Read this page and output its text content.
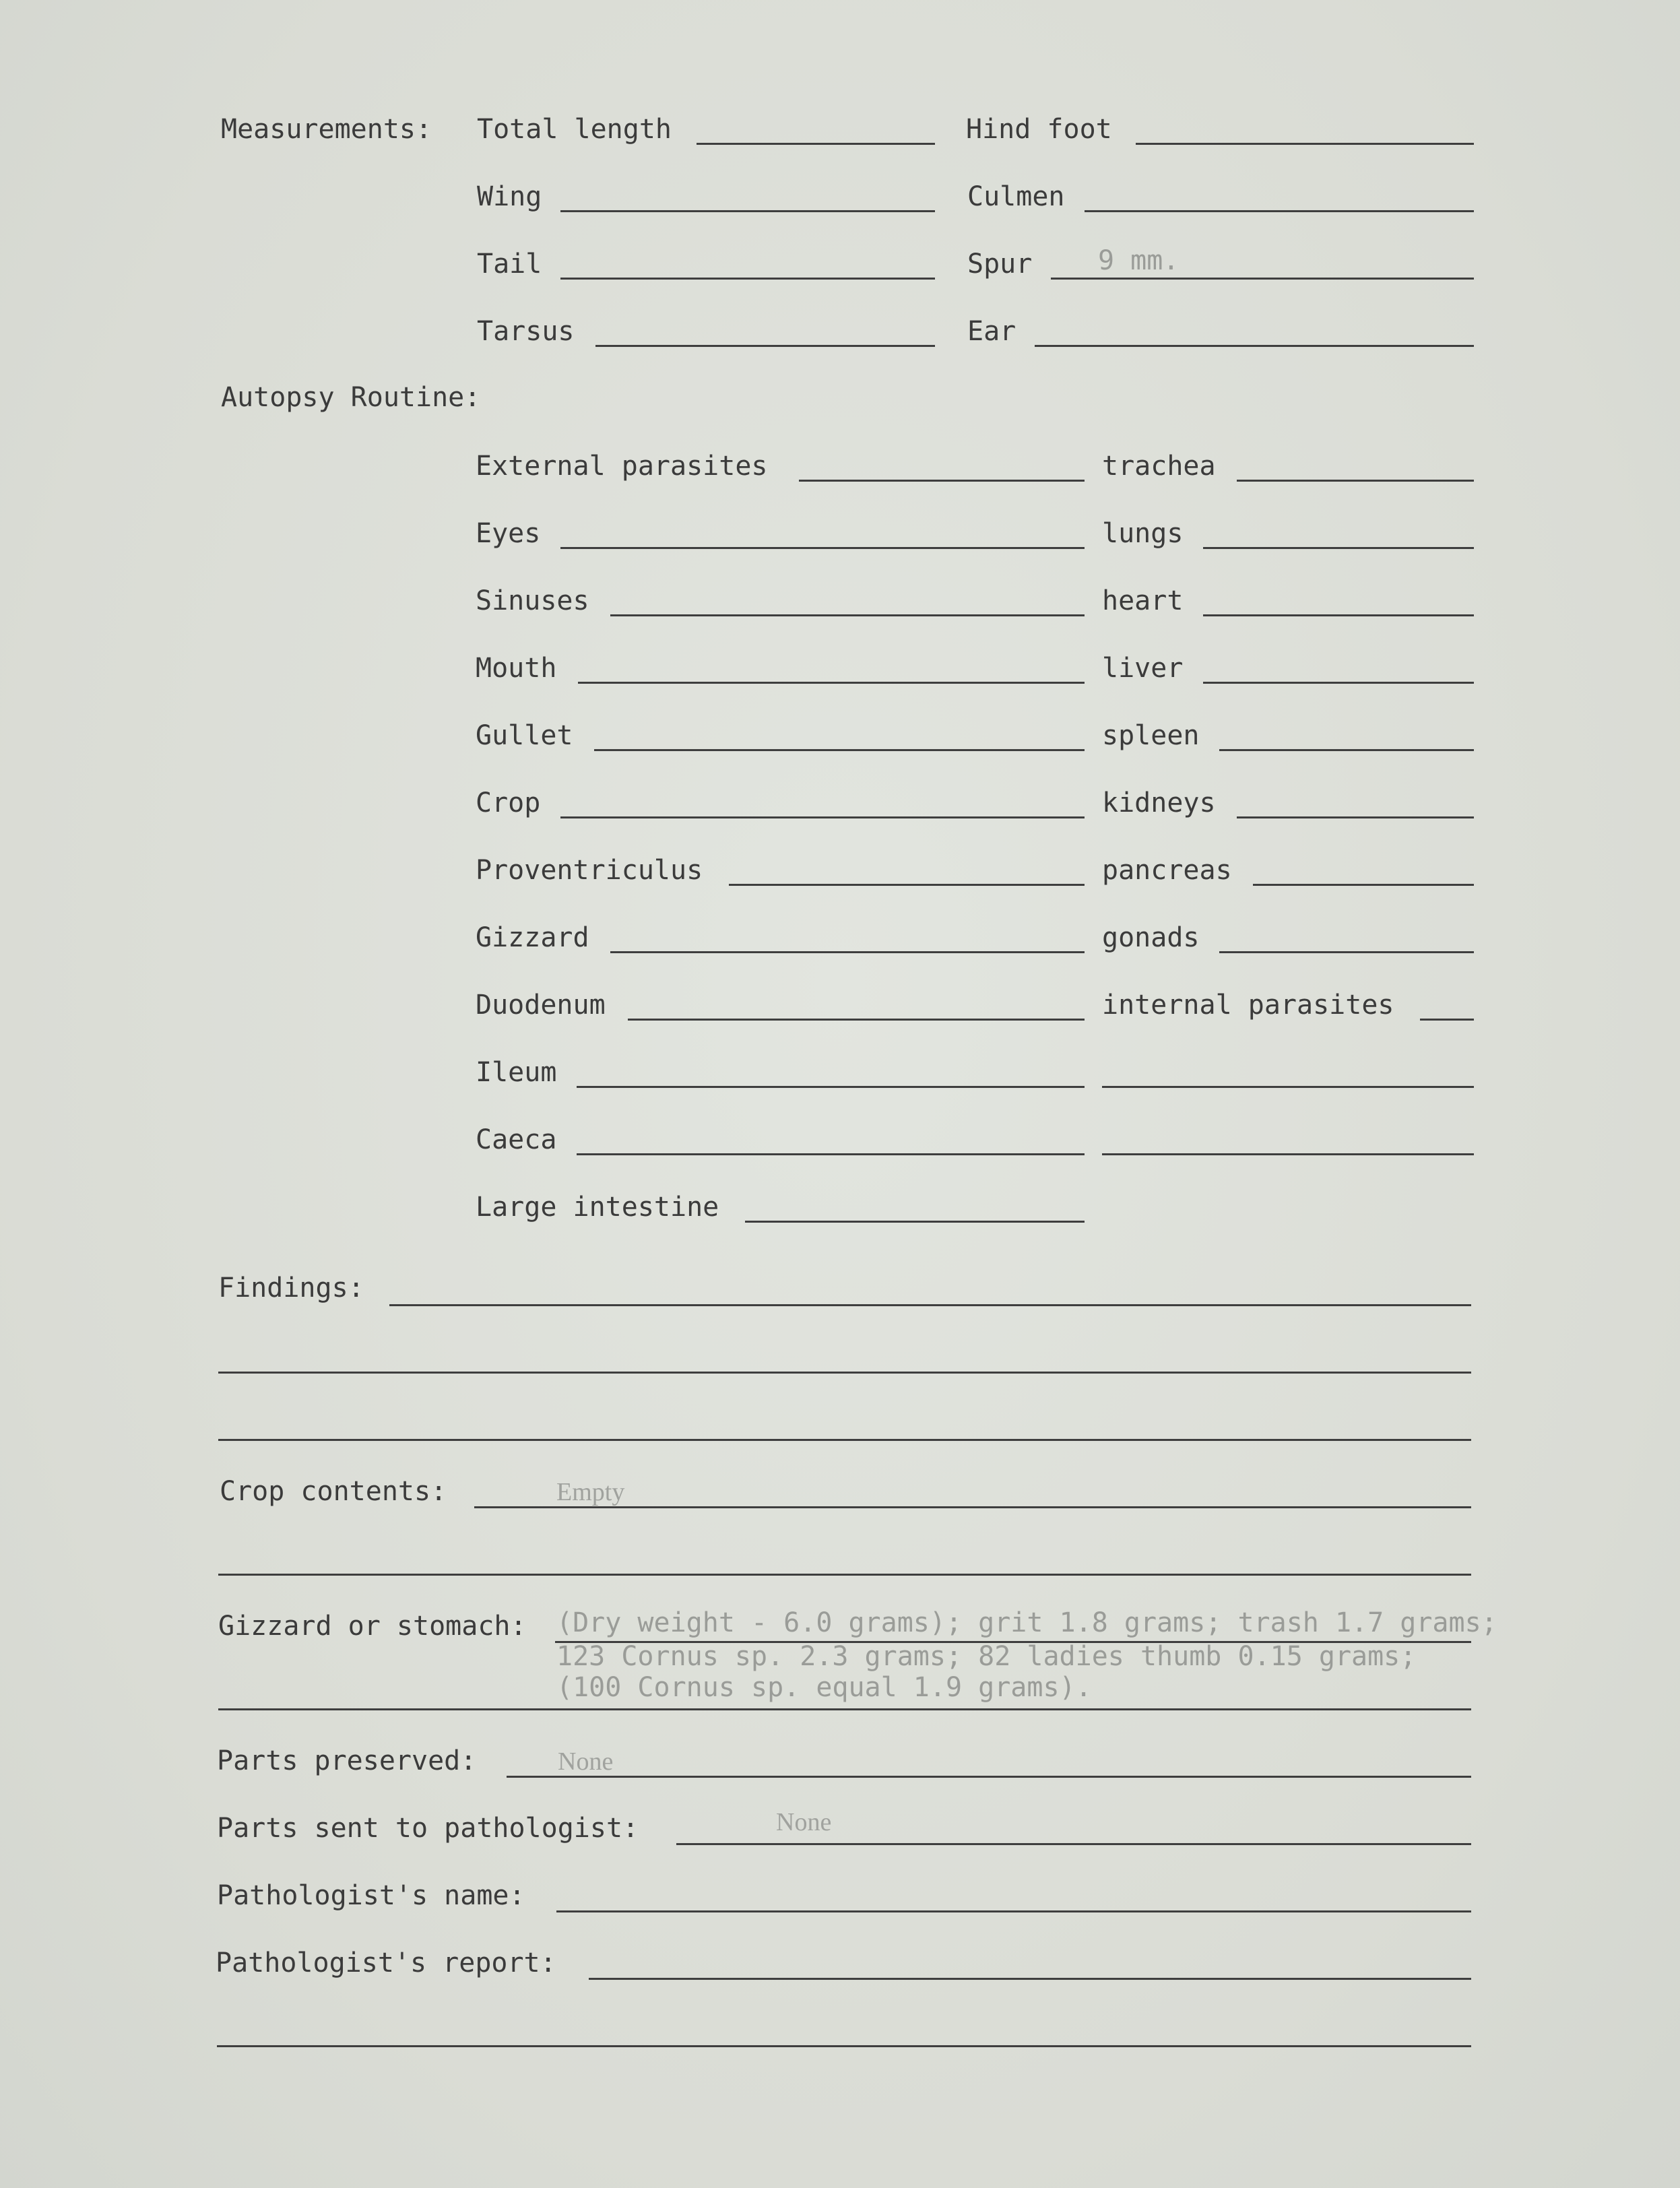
Measurements: Total length	Hind foot
Wing	Culmen
Tail	Spur 9 mm.
Tarsus	Ear
Autopsy Routine:
External parasites	trachea
Eyes	lungs
Sinuses	heart
Mouth	liver
Gullet	spleen
Crop	kidneys
Proventriculus	pancreas
Gizzard	gonads
Duodenum	internal parasites
Ileum
Caeca
Large intestine
Findings:
Crop contents:	Empty
Gizzard or stomach: (Dry weight - 6.0 grams); grit 1.8 grams; trash 1.7 grams;
123 Cornus sp. 2.3 grams; 82 ladies thumb 0.15 grams;
(100 Cornus sp. equal 1.9 grams).
Parts preserved:	None
Parts sent to pathologist:	None
Pathologist's name:
Pathologist's report:
